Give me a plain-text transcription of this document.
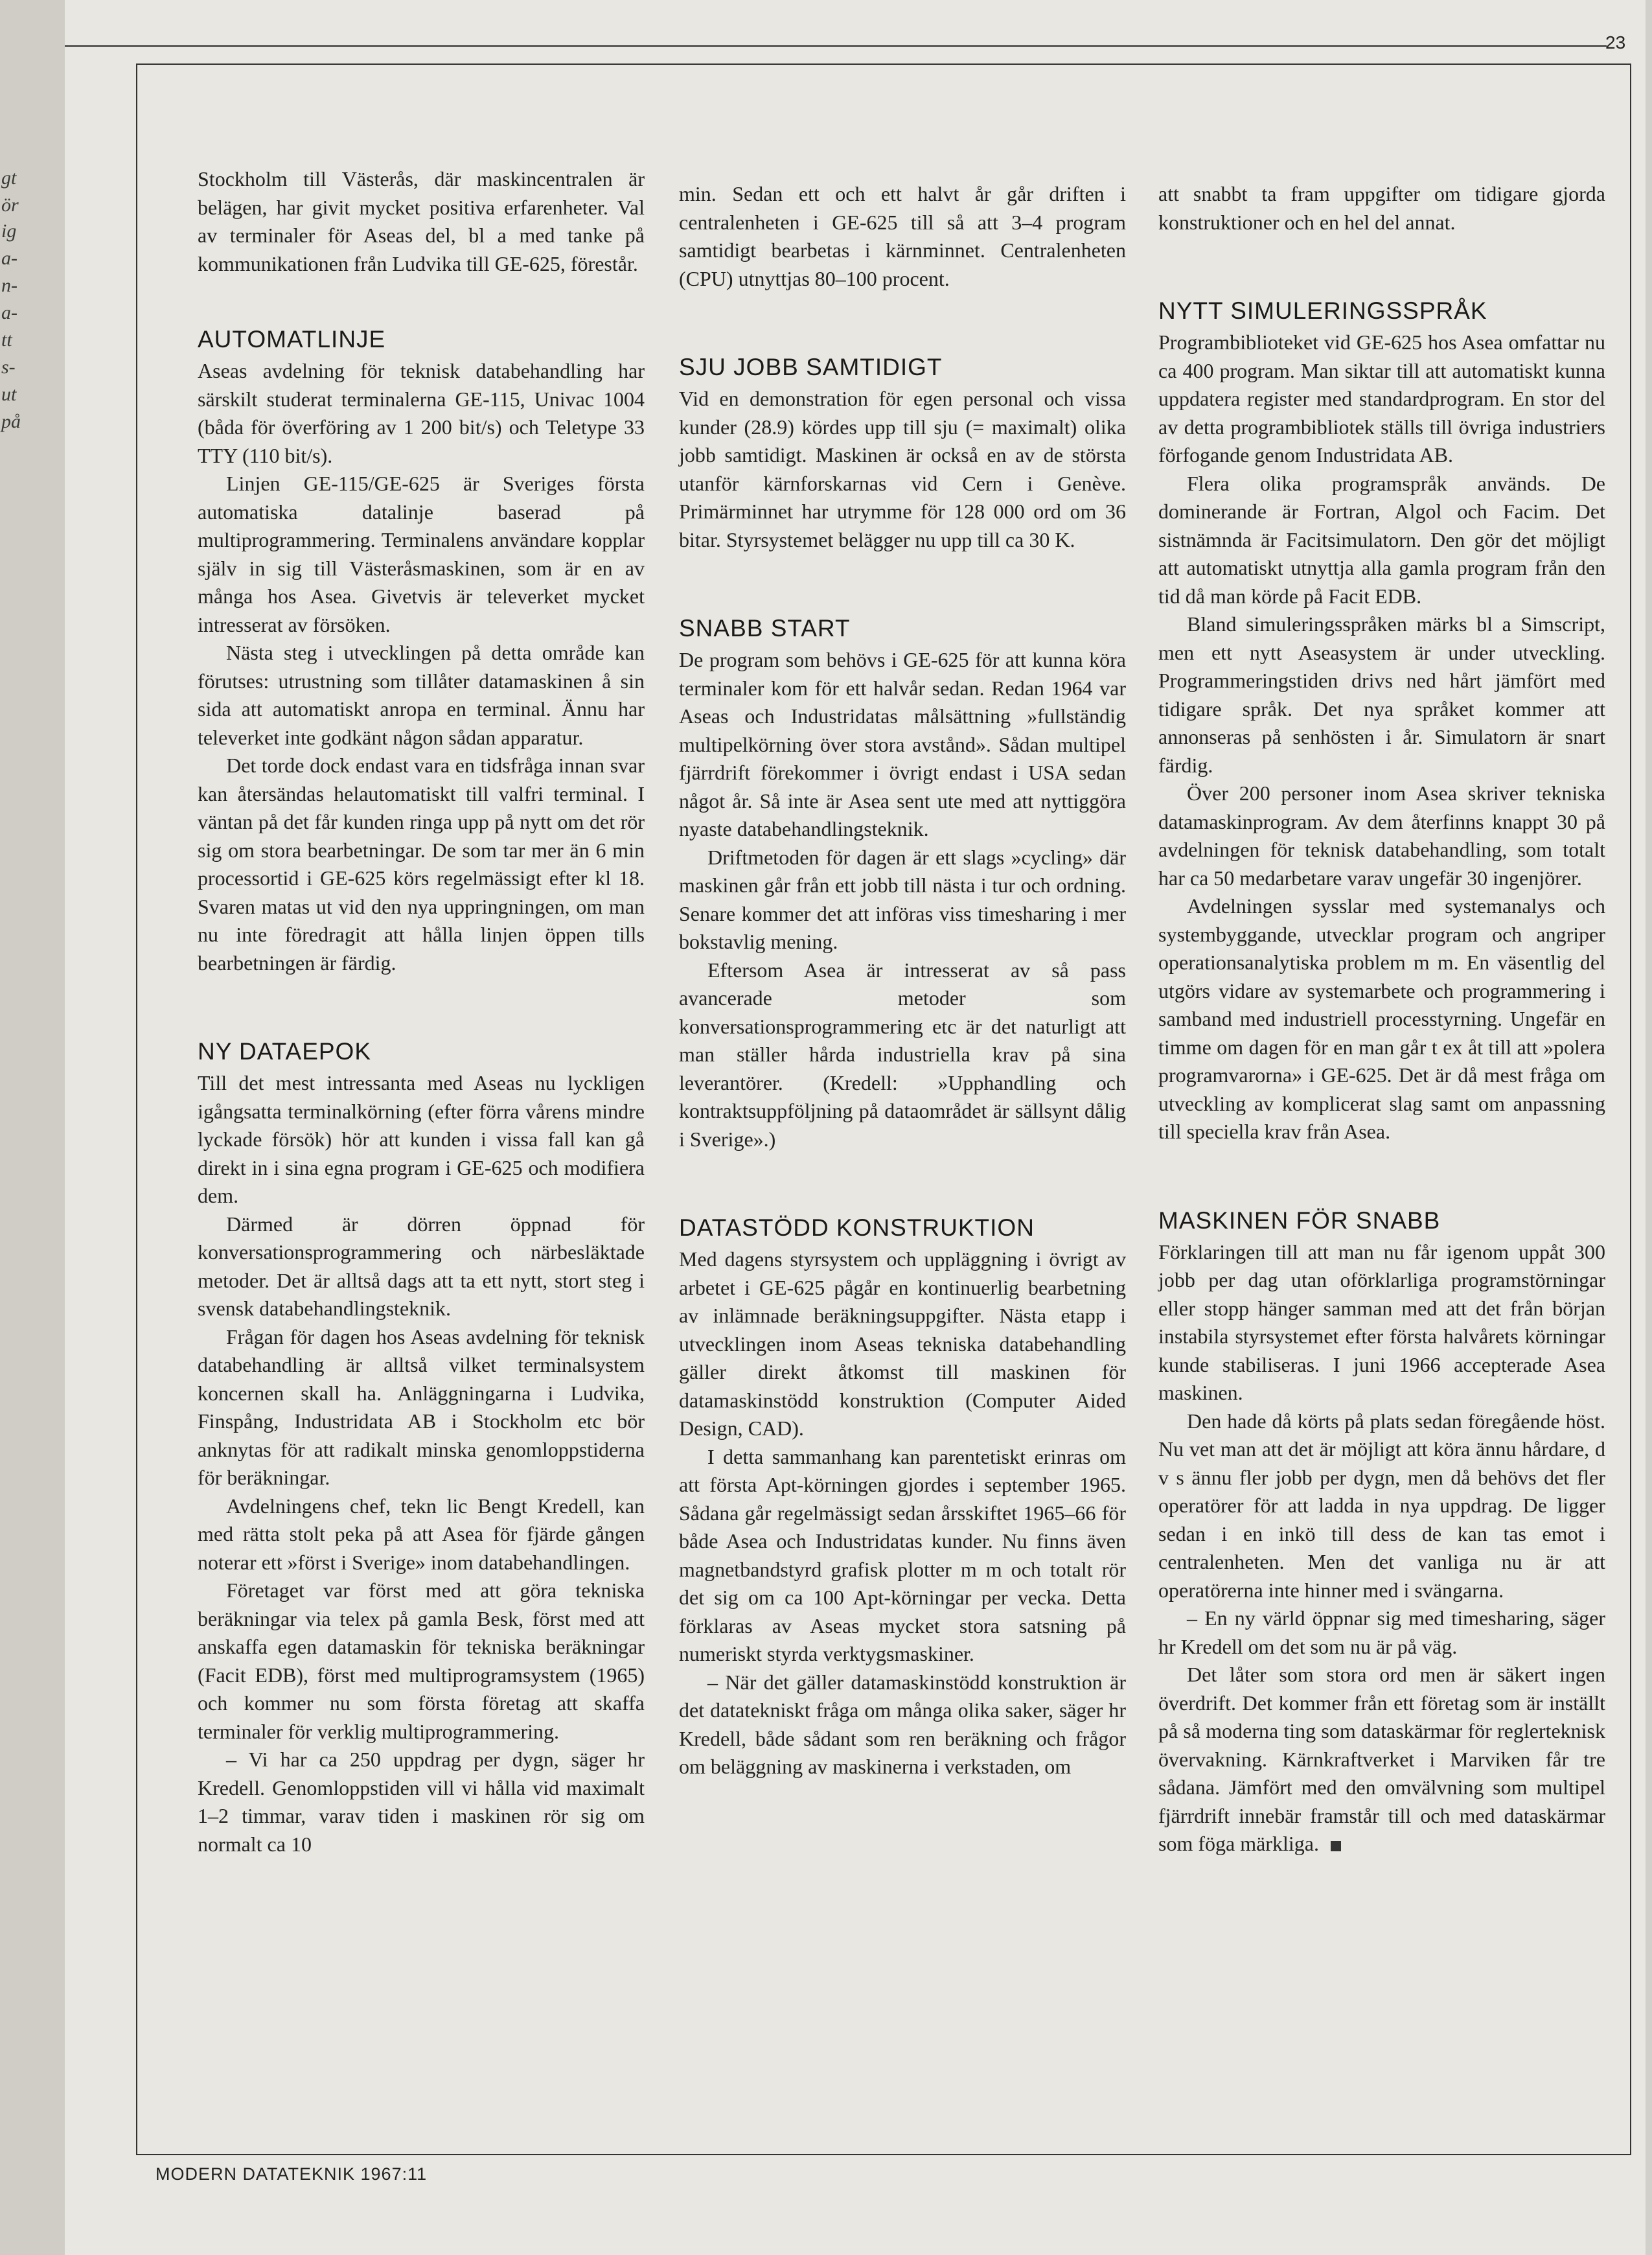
gt
ör
ig
a-
n-
a-
tt
s-
ut
på
23

Stockholm till Västerås, där maskincentralen är belägen, har givit mycket positiva erfarenheter. Val av terminaler för Aseas del, bl a med tanke på kommunikationen från Ludvika till GE-625, förestår.

AUTOMATLINJE

Aseas avdelning för teknisk databehandling har särskilt studerat terminalerna GE-115, Univac 1004 (båda för överföring av 1 200 bit/s) och Teletype 33 TTY (110 bit/s).

Linjen GE-115/GE-625 är Sveriges första automatiska datalinje baserad på multiprogrammering. Terminalens användare kopplar själv in sig till Västeråsmaskinen, som är en av många hos Asea. Givetvis är televerket mycket intresserat av försöken.

Nästa steg i utvecklingen på detta område kan förutses: utrustning som tillåter datamaskinen å sin sida att automatiskt anropa en terminal. Ännu har televerket inte godkänt någon sådan apparatur.

Det torde dock endast vara en tidsfråga innan svar kan återsändas helautomatiskt till valfri terminal. I väntan på det får kunden ringa upp på nytt om det rör sig om stora bearbetningar. De som tar mer än 6 min processortid i GE-625 körs regelmässigt efter kl 18. Svaren matas ut vid den nya uppringningen, om man nu inte föredragit att hålla linjen öppen tills bearbetningen är färdig.

NY DATAEPOK

Till det mest intressanta med Aseas nu lyckligen igångsatta terminalkörning (efter förra vårens mindre lyckade försök) hör att kunden i vissa fall kan gå direkt in i sina egna program i GE-625 och modifiera dem.

Därmed är dörren öppnad för konversationsprogrammering och närbesläktade metoder. Det är alltså dags att ta ett nytt, stort steg i svensk databehandlingsteknik.

Frågan för dagen hos Aseas avdelning för teknisk databehandling är alltså vilket terminalsystem koncernen skall ha. Anläggningarna i Ludvika, Finspång, Industridata AB i Stockholm etc bör anknytas för att radikalt minska genomloppstiderna för beräkningar.

Avdelningens chef, tekn lic Bengt Kredell, kan med rätta stolt peka på att Asea för fjärde gången noterar ett »först i Sverige» inom databehandlingen.

Företaget var först med att göra tekniska beräkningar via telex på gamla Besk, först med att anskaffa egen datamaskin för tekniska beräkningar (Facit EDB), först med multiprogramsystem (1965) och kommer nu som första företag att skaffa terminaler för verklig multiprogrammering.

– Vi har ca 250 uppdrag per dygn, säger hr Kredell. Genomloppstiden vill vi hålla vid maximalt 1–2 timmar, varav tiden i maskinen rör sig om normalt ca 10

min. Sedan ett och ett halvt år går driften i centralenheten i GE-625 till så att 3–4 program samtidigt bearbetas i kärnminnet. Centralenheten (CPU) utnyttjas 80–100 procent.

SJU JOBB SAMTIDIGT

Vid en demonstration för egen personal och vissa kunder (28.9) kördes upp till sju (= maximalt) olika jobb samtidigt. Maskinen är också en av de största utanför kärnforskarnas vid Cern i Genève. Primärminnet har utrymme för 128 000 ord om 36 bitar. Styrsystemet belägger nu upp till ca 30 K.

SNABB START

De program som behövs i GE-625 för att kunna köra terminaler kom för ett halvår sedan. Redan 1964 var Aseas och Industridatas målsättning »fullständig multipelkörning över stora avstånd». Sådan multipel fjärrdrift förekommer i övrigt endast i USA sedan något år. Så inte är Asea sent ute med att nyttiggöra nyaste databehandlingsteknik.

Driftmetoden för dagen är ett slags »cycling» där maskinen går från ett jobb till nästa i tur och ordning. Senare kommer det att införas viss timesharing i mer bokstavlig mening.

Eftersom Asea är intresserat av så pass avancerade metoder som konversationsprogrammering etc är det naturligt att man ställer hårda industriella krav på sina leverantörer. (Kredell: »Upphandling och kontraktsuppföljning på dataområdet är sällsynt dålig i Sverige».)

DATASTÖDD KONSTRUKTION

Med dagens styrsystem och uppläggning i övrigt av arbetet i GE-625 pågår en kontinuerlig bearbetning av inlämnade beräkningsuppgifter. Nästa etapp i utvecklingen inom Aseas tekniska databehandling gäller direkt åtkomst till maskinen för datamaskinstödd konstruktion (Computer Aided Design, CAD).

I detta sammanhang kan parentetiskt erinras om att första Apt-körningen gjordes i september 1965. Sådana går regelmässigt sedan årsskiftet 1965–66 för både Asea och Industridatas kunder. Nu finns även magnetbandstyrd grafisk plotter m m och totalt rör det sig om ca 100 Apt-körningar per vecka. Detta förklaras av Aseas mycket stora satsning på numeriskt styrda verktygsmaskiner.

– När det gäller datamaskinstödd konstruktion är det datatekniskt fråga om många olika saker, säger hr Kredell, både sådant som ren beräkning och frågor om beläggning av maskinerna i verkstaden, om

att snabbt ta fram uppgifter om tidigare gjorda konstruktioner och en hel del annat.

NYTT SIMULERINGSSPRÅK

Programbiblioteket vid GE-625 hos Asea omfattar nu ca 400 program. Man siktar till att automatiskt kunna uppdatera register med standardprogram. En stor del av detta programbibliotek ställs till övriga industriers förfogande genom Industridata AB.

Flera olika programspråk används. De dominerande är Fortran, Algol och Facim. Det sistnämnda är Facitsimulatorn. Den gör det möjligt att automatiskt utnyttja alla gamla program från den tid då man körde på Facit EDB.

Bland simuleringsspråken märks bl a Simscript, men ett nytt Aseasystem är under utveckling. Programmeringstiden drivs ned hårt jämfört med tidigare språk. Det nya språket kommer att annonseras på senhösten i år. Simulatorn är snart färdig.

Över 200 personer inom Asea skriver tekniska datamaskinprogram. Av dem återfinns knappt 30 på avdelningen för teknisk databehandling, som totalt har ca 50 medarbetare varav ungefär 30 ingenjörer.

Avdelningen sysslar med systemanalys och systembyggande, utvecklar program och angriper operationsanalytiska problem m m. En väsentlig del utgörs vidare av systemarbete och programmering i samband med industriell processtyrning. Ungefär en timme om dagen för en man går t ex åt till att »polera programvarorna» i GE-625. Det är då mest fråga om utveckling av komplicerat slag samt om anpassning till speciella krav från Asea.

MASKINEN FÖR SNABB

Förklaringen till att man nu får igenom uppåt 300 jobb per dag utan oförklarliga programstörningar eller stopp hänger samman med att det från början instabila styrsystemet efter första halvårets körningar kunde stabiliseras. I juni 1966 accepterade Asea maskinen.

Den hade då körts på plats sedan föregående höst. Nu vet man att det är möjligt att köra ännu hårdare, d v s ännu fler jobb per dygn, men då behövs det fler operatörer för att ladda in nya uppdrag. De ligger sedan i en inkö till dess de kan tas emot i centralenheten. Men det vanliga nu är att operatörerna inte hinner med i svängarna.

– En ny värld öppnar sig med timesharing, säger hr Kredell om det som nu är på väg.

Det låter som stora ord men är säkert ingen överdrift. Det kommer från ett företag som är inställt på så moderna ting som dataskärmar för reglerteknisk övervakning. Kärnkraftverket i Marviken får tre sådana. Jämfört med den omvälvning som multipel fjärrdrift innebär framstår till och med dataskärmar som föga märkliga.

MODERN DATATEKNIK 1967:11
